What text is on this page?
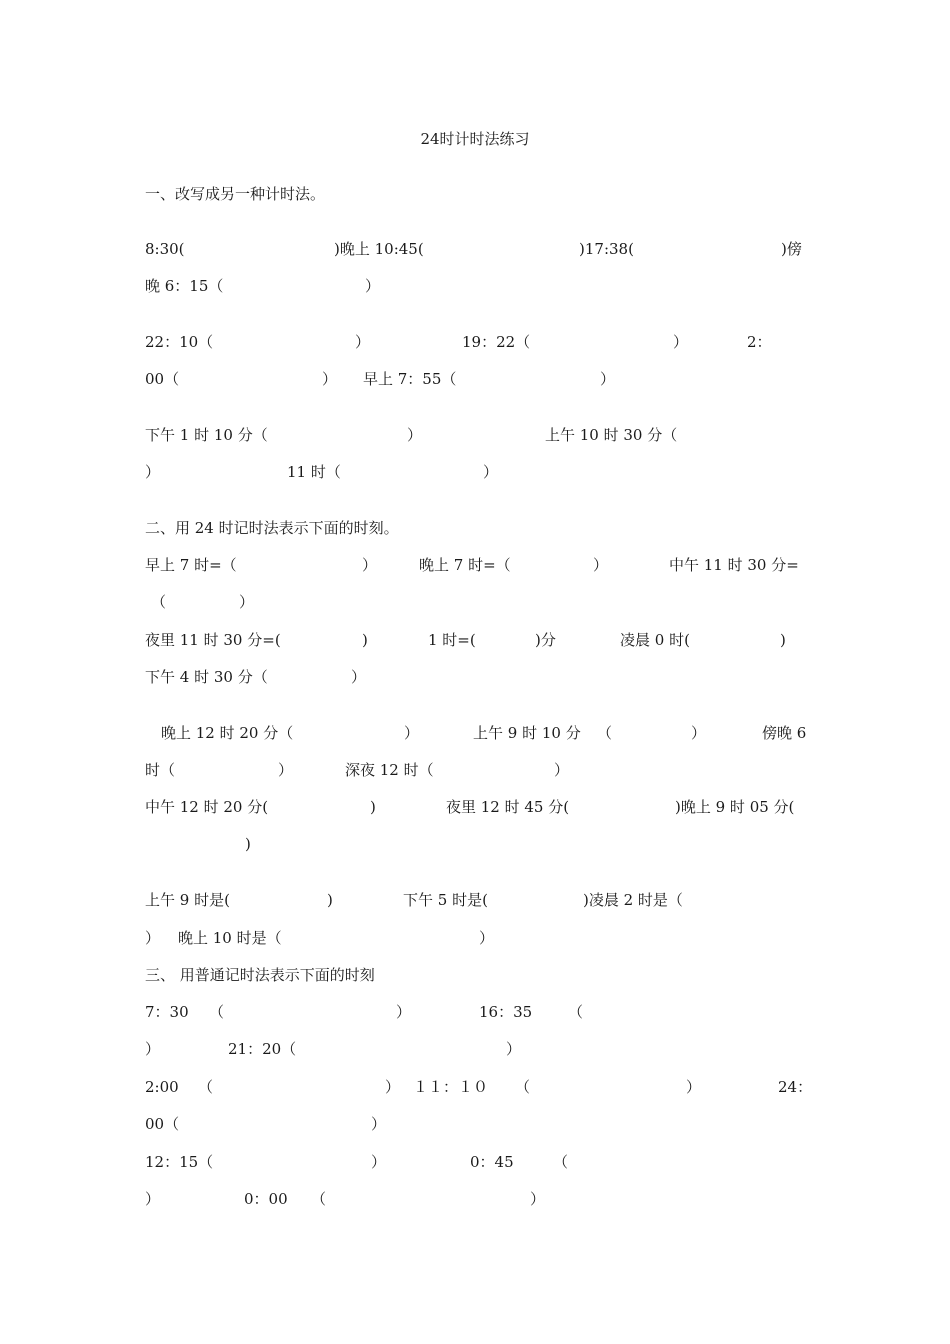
24时计时法练习
一、改写成另一种计时法。
8:30(	)晚上 10:45(	)17:38(	)傍
晚 6：15（	）
22：10（	）	19：22（	）	2：
00（	） 早上 7：55（	）
下午 1 时 10 分（	）	上午 10 时 30 分（
）	11 时（	）
二、用 24 时记时法表示下面的时刻。
早上 7 时=（	）	晚上 7 时=（	）	中午 11 时 30 分=
（	）
夜里 11 时 30 分=(	)	1 时=(	)分	凌晨 0 时(	)
下午 4 时 30 分（	）
晚上 12 时 20 分（	）	上午 9 时 10 分 （	）	傍晚 6
时（	）	深夜 12 时（	）
中午 12 时 20 分(	)	夜里 12 时 45 分(	)晚上 9 时 05 分(
)
上午 9 时是(	)	下午 5 时是(	)凌晨 2 时是（
） 晚上 10 时是（	）
三、 用普通记时法表示下面的时刻
7：30 （	）	16：35 （
）	21：20（	）
2:00 （	） １１：１０ （	）	24：
00（	）
12：15（	）	0：45	（
）	0：00 （	）
